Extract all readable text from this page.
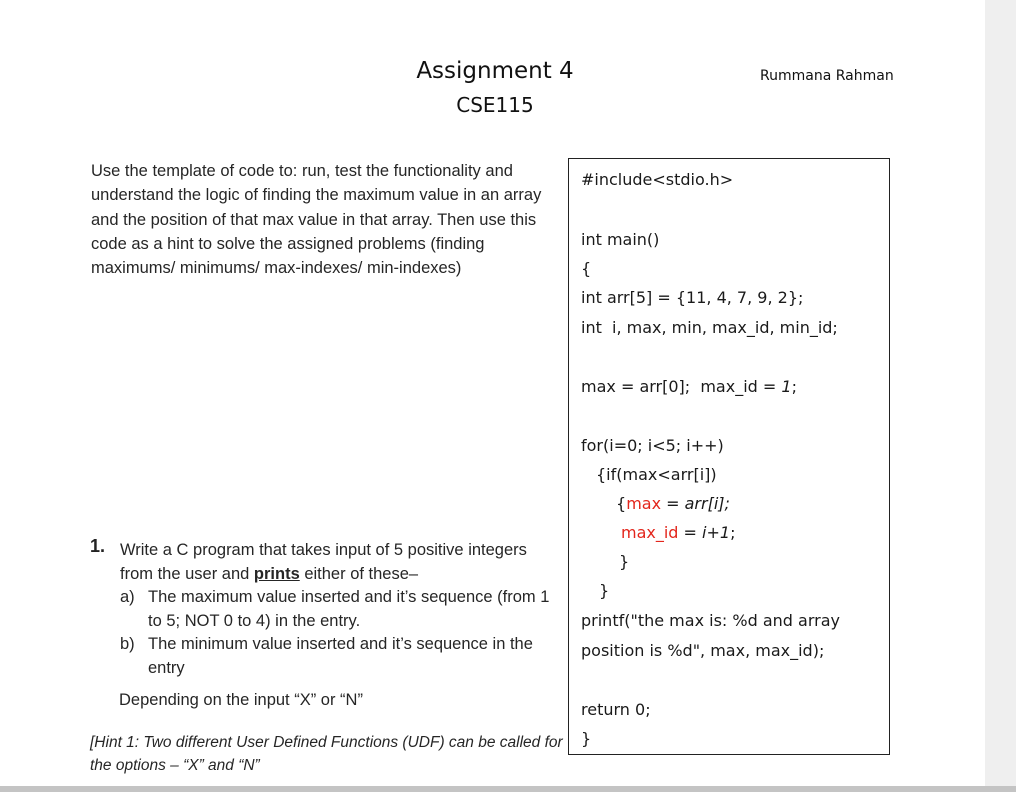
Assignment 4
CSE115
Rummana Rahman

Use the template of code to: run, test the functionality and understand the logic of finding the maximum value in an array and the position of that max value in that array. Then use this code as a hint to solve the assigned problems (finding maximums/ minimums/ max-indexes/ min-indexes)

1. Write a C program that takes input of 5 positive integers from the user and prints either of these–

a) The maximum value inserted and it’s sequence (from 1 to 5; NOT 0 to 4) in the entry.
b) The minimum value inserted and it’s sequence in the entry
Depending on the input “X” or “N”
[Hint 1: Two different User Defined Functions (UDF) can be called for the options – “X” and “N”
#include<stdio.h>
int main()
{
int arr[5] = {11, 4, 7, 9, 2};
int  i, max, min, max_id, min_id;
max = arr[0];  max_id = 1;
for(i=0; i<5; i++)
{if(max<arr[i])
{max = arr[i];
max_id = i+1;
}
}
printf("the max is: %d and array
position is %d", max, max_id);
return 0;
}
